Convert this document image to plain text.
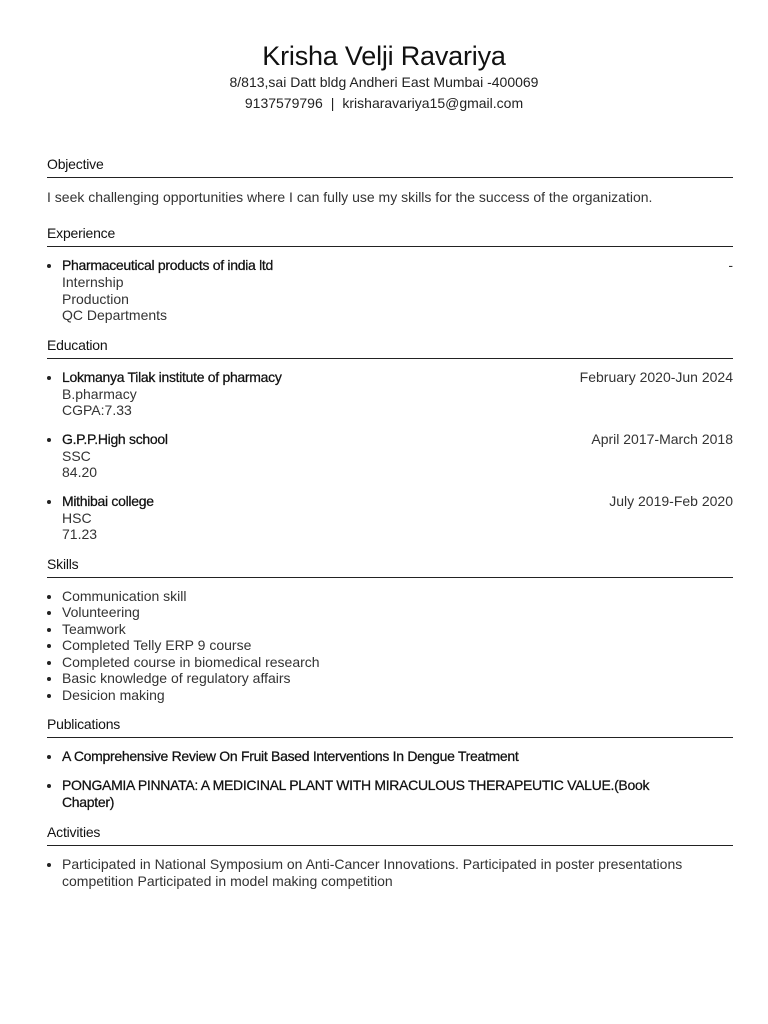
Krisha Velji Ravariya
8/813,sai Datt bldg Andheri East Mumbai -400069
9137579796 | krisharavariya15@gmail.com
Objective
I seek challenging opportunities where I can fully use my skills for the success of the organization.
Experience
Pharmaceutical products of india ltd	-
Internship
Production
QC Departments
Education
Lokmanya Tilak institute of pharmacy	February 2020-Jun 2024
B.pharmacy
CGPA:7.33
G.P.P.High school	April 2017-March 2018
SSC
84.20
Mithibai college	July 2019-Feb 2020
HSC
71.23
Skills
Communication skill
Volunteering
Teamwork
Completed Telly ERP 9 course
Completed course in biomedical research
Basic knowledge of regulatory affairs
Desicion making
Publications
A Comprehensive Review On Fruit Based Interventions In Dengue Treatment
PONGAMIA PINNATA: A MEDICINAL PLANT WITH MIRACULOUS THERAPEUTIC VALUE.(Book Chapter)
Activities
Participated in National Symposium on Anti-Cancer Innovations. Participated in poster presentations competition Participated in model making competition
